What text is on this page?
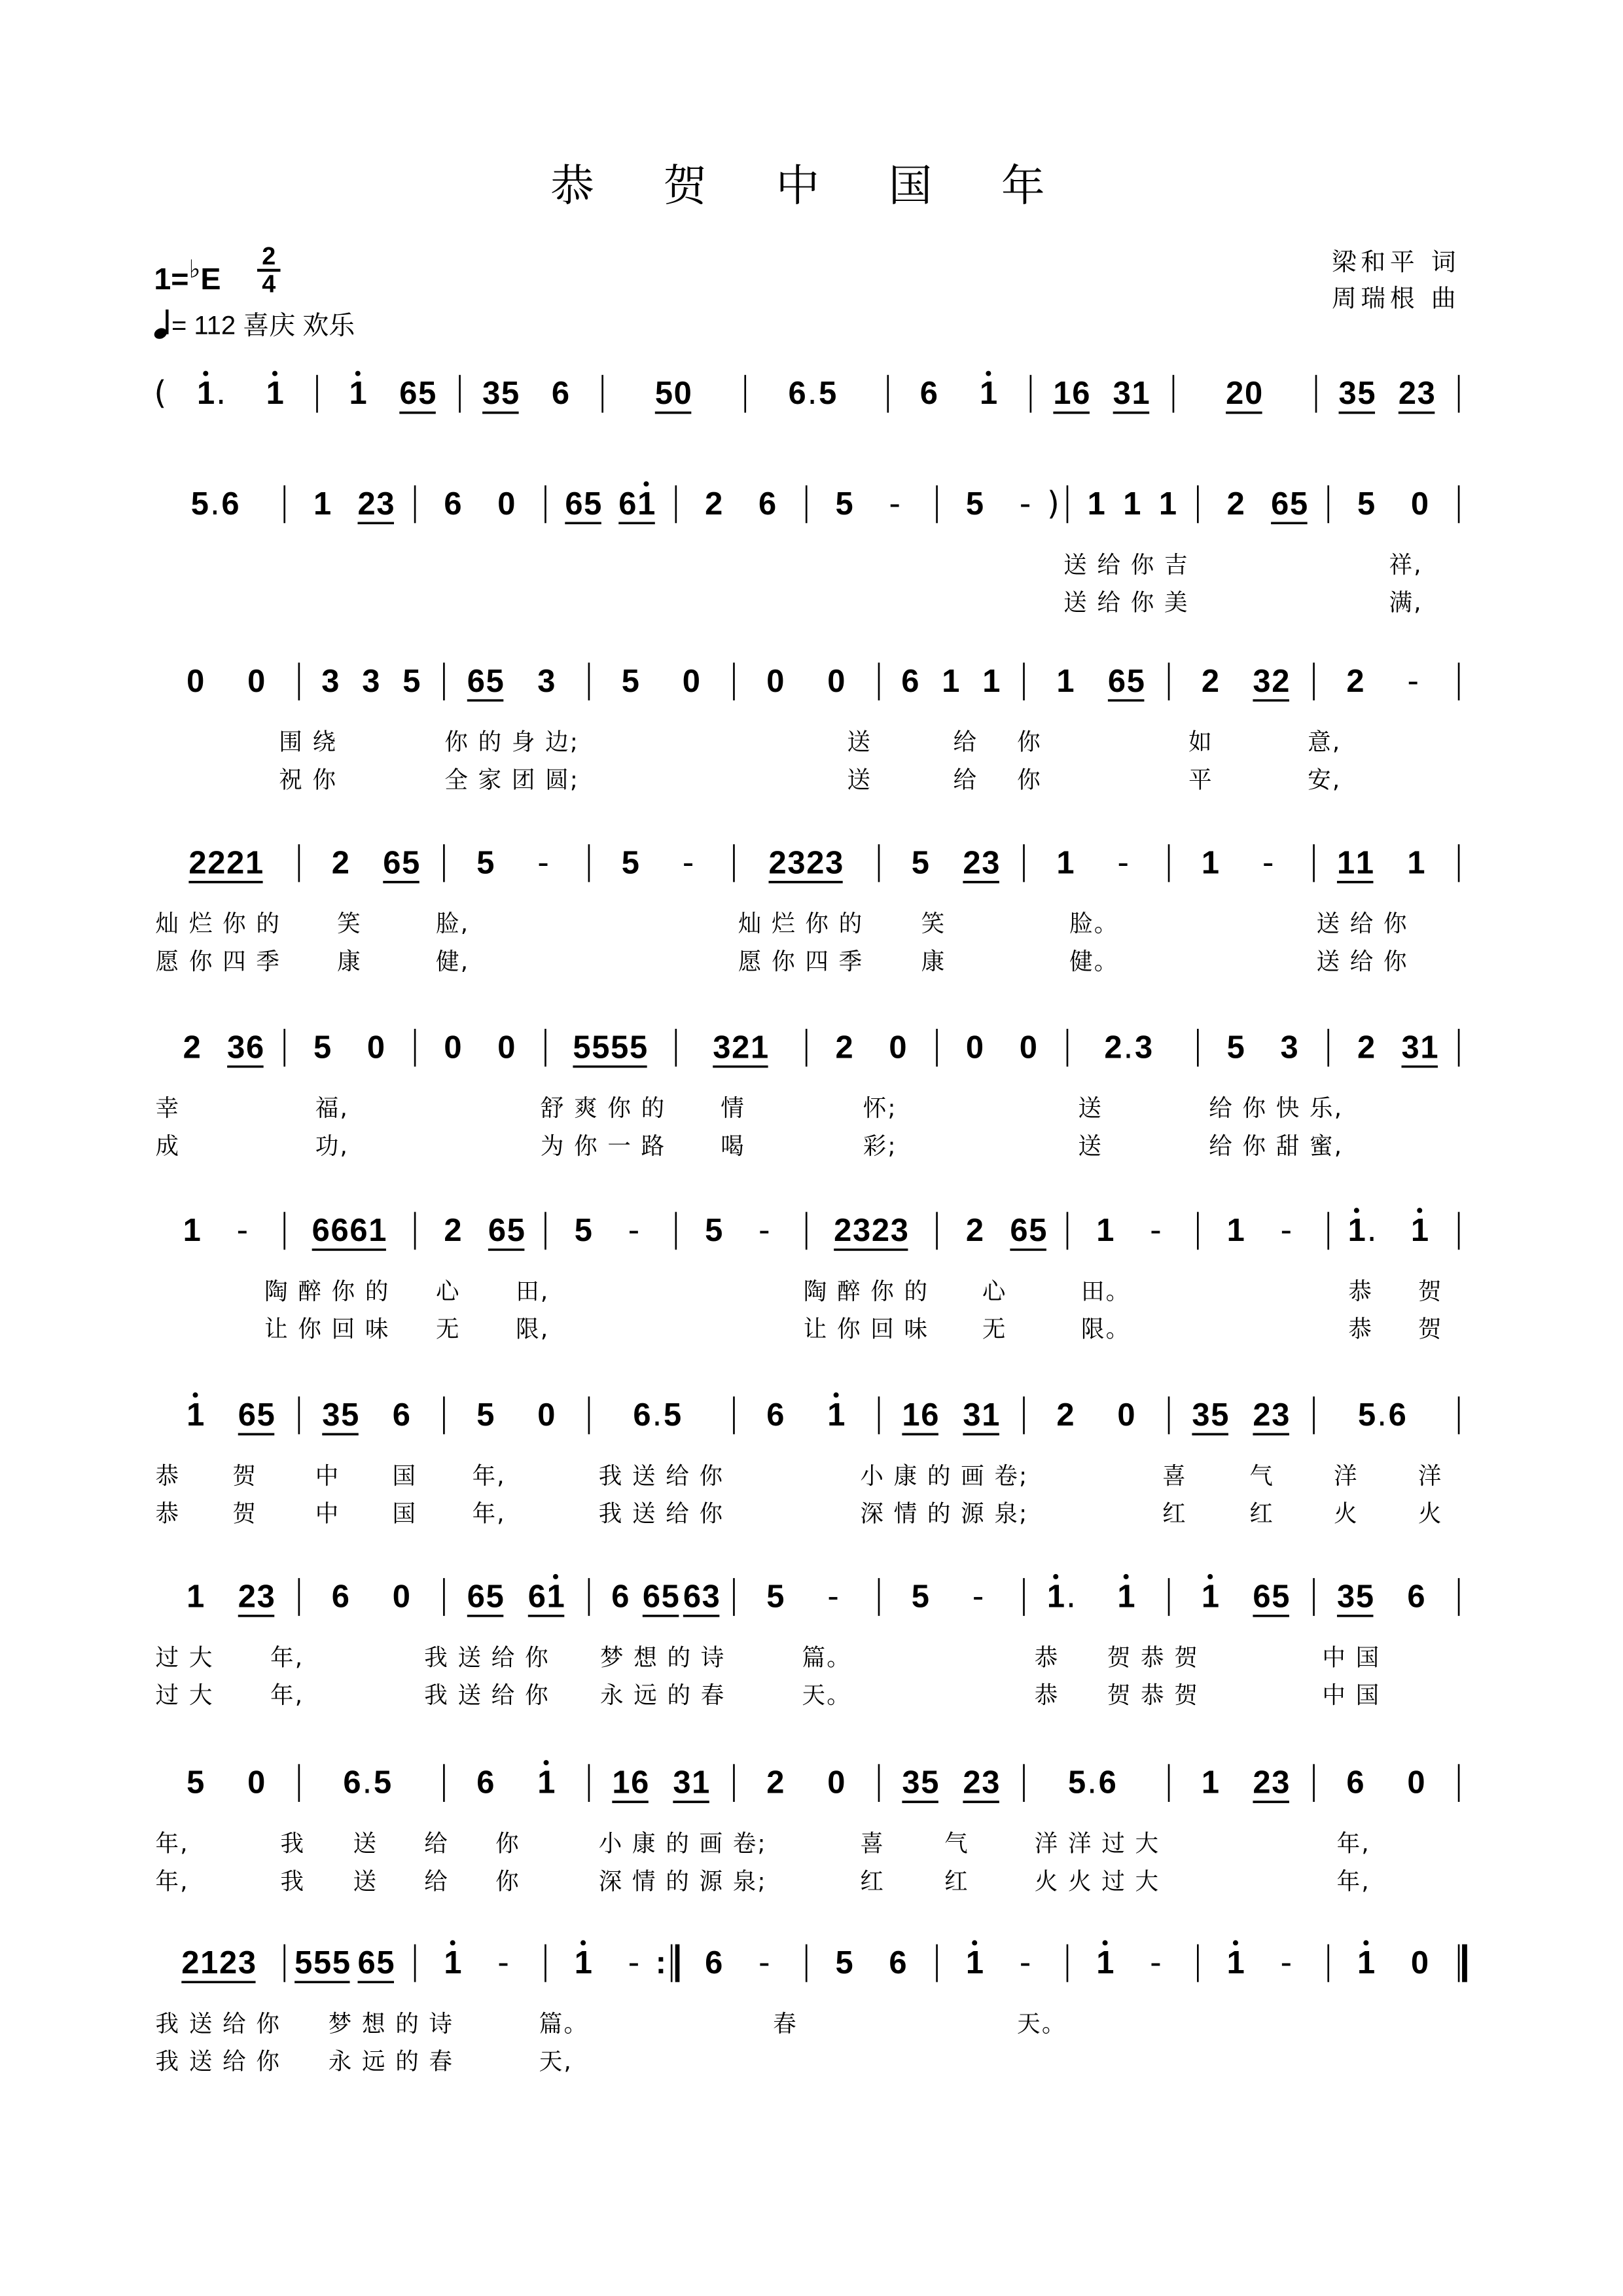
恭 贺 中 国 年
梁和平 词
周瑞根 曲
1=♭E
2
4
= 112 喜庆 欢乐
( 1 .	1	1 6 5	3 5 6	5 0	6 . 5	6	1	1 6 3 1	2 0	3 5 2 3
5 . 6	1 2 3	6 0	6 5 6 1	2 6	5 -	5 - ) 1 1 1	2 6 5	5 0
送 给 你 吉
送 给 你 美
祥,
满,
0	0	3 3 5	6 5 3	5	0	0	0	6 1 1	1 6 5	2 3 2	2	-
围 绕
祝 你
你 的 身 边;
全 家 团 圆;
送
送
给
给
你
你
如
平
意,
安,
2 2 2 1	2 6 5	5	-	5	-	2 3 2 3	5 2 3	1	-	1	-	1 1 1
灿 烂 你 的
愿 你 四 季
笑
康
脸,
健,
灿 烂 你 的
愿 你 四 季
笑
康
脸。
健。
送 给 你
送 给 你
2 3 6	5 0	0 0	5 5 5 5	3 2 1	2 0	0 0	2 . 3	5 3	2 3 1
幸
成
福,
功,
舒 爽 你 的
为 你 一 路
情
喝
怀;
彩;
送
送
给 你 快 乐,
给 你 甜 蜜,
1 -	6 6 6 1	2 6 5	5 -	5 -	2 3 2 3	2 6 5	1 -	1 -	1 . 1
陶 醉 你 的
让 你 回 味
心
无
田,
限,
陶 醉 你 的
让 你 回 味
心
无
田。
限。
恭
恭
贺
贺
1 6 5	3 5 6	5	0	6 . 5	6	1	1 6 3 1	2	0	3 5 2 3	5 . 6
恭
恭
贺
贺
中
中
国
国
年,
年,
我 送 给 你
我 送 给 你
小 康 的 画 卷;
深 情 的 源 泉;
喜
红
气
红
洋
火
洋
火
1 2 3	6	0	6 5 6 1	6 6 5 6 3	5	-	5	-	1 .	1	1 6 5	3 5 6
过 大
过 大
年,
年,
我 送 给 你
我 送 给 你
梦 想 的 诗
永 远 的 春
篇。
天。
恭
恭
贺 恭 贺
贺 恭 贺
中 国
中 国
5	0	6 . 5	6	1	1 6 3 1	2	0	3 5 2 3	5 . 6	1 2 3	6	0
年,
年,
我
我
送
送
给
给
你
你
小 康 的 画 卷;
深 情 的 源 泉;
喜
红
气
红
洋 洋 过 大
火 火 过 大
年,
年,
2 1 2 3	5 5 5 6 5	1 -	1 - :	6 -	5 6	1 -	1 -	1 -	1 0
我 送 给 你
我 送 给 你
梦 想 的 诗
永 远 的 春
篇。
天,
春	天。
